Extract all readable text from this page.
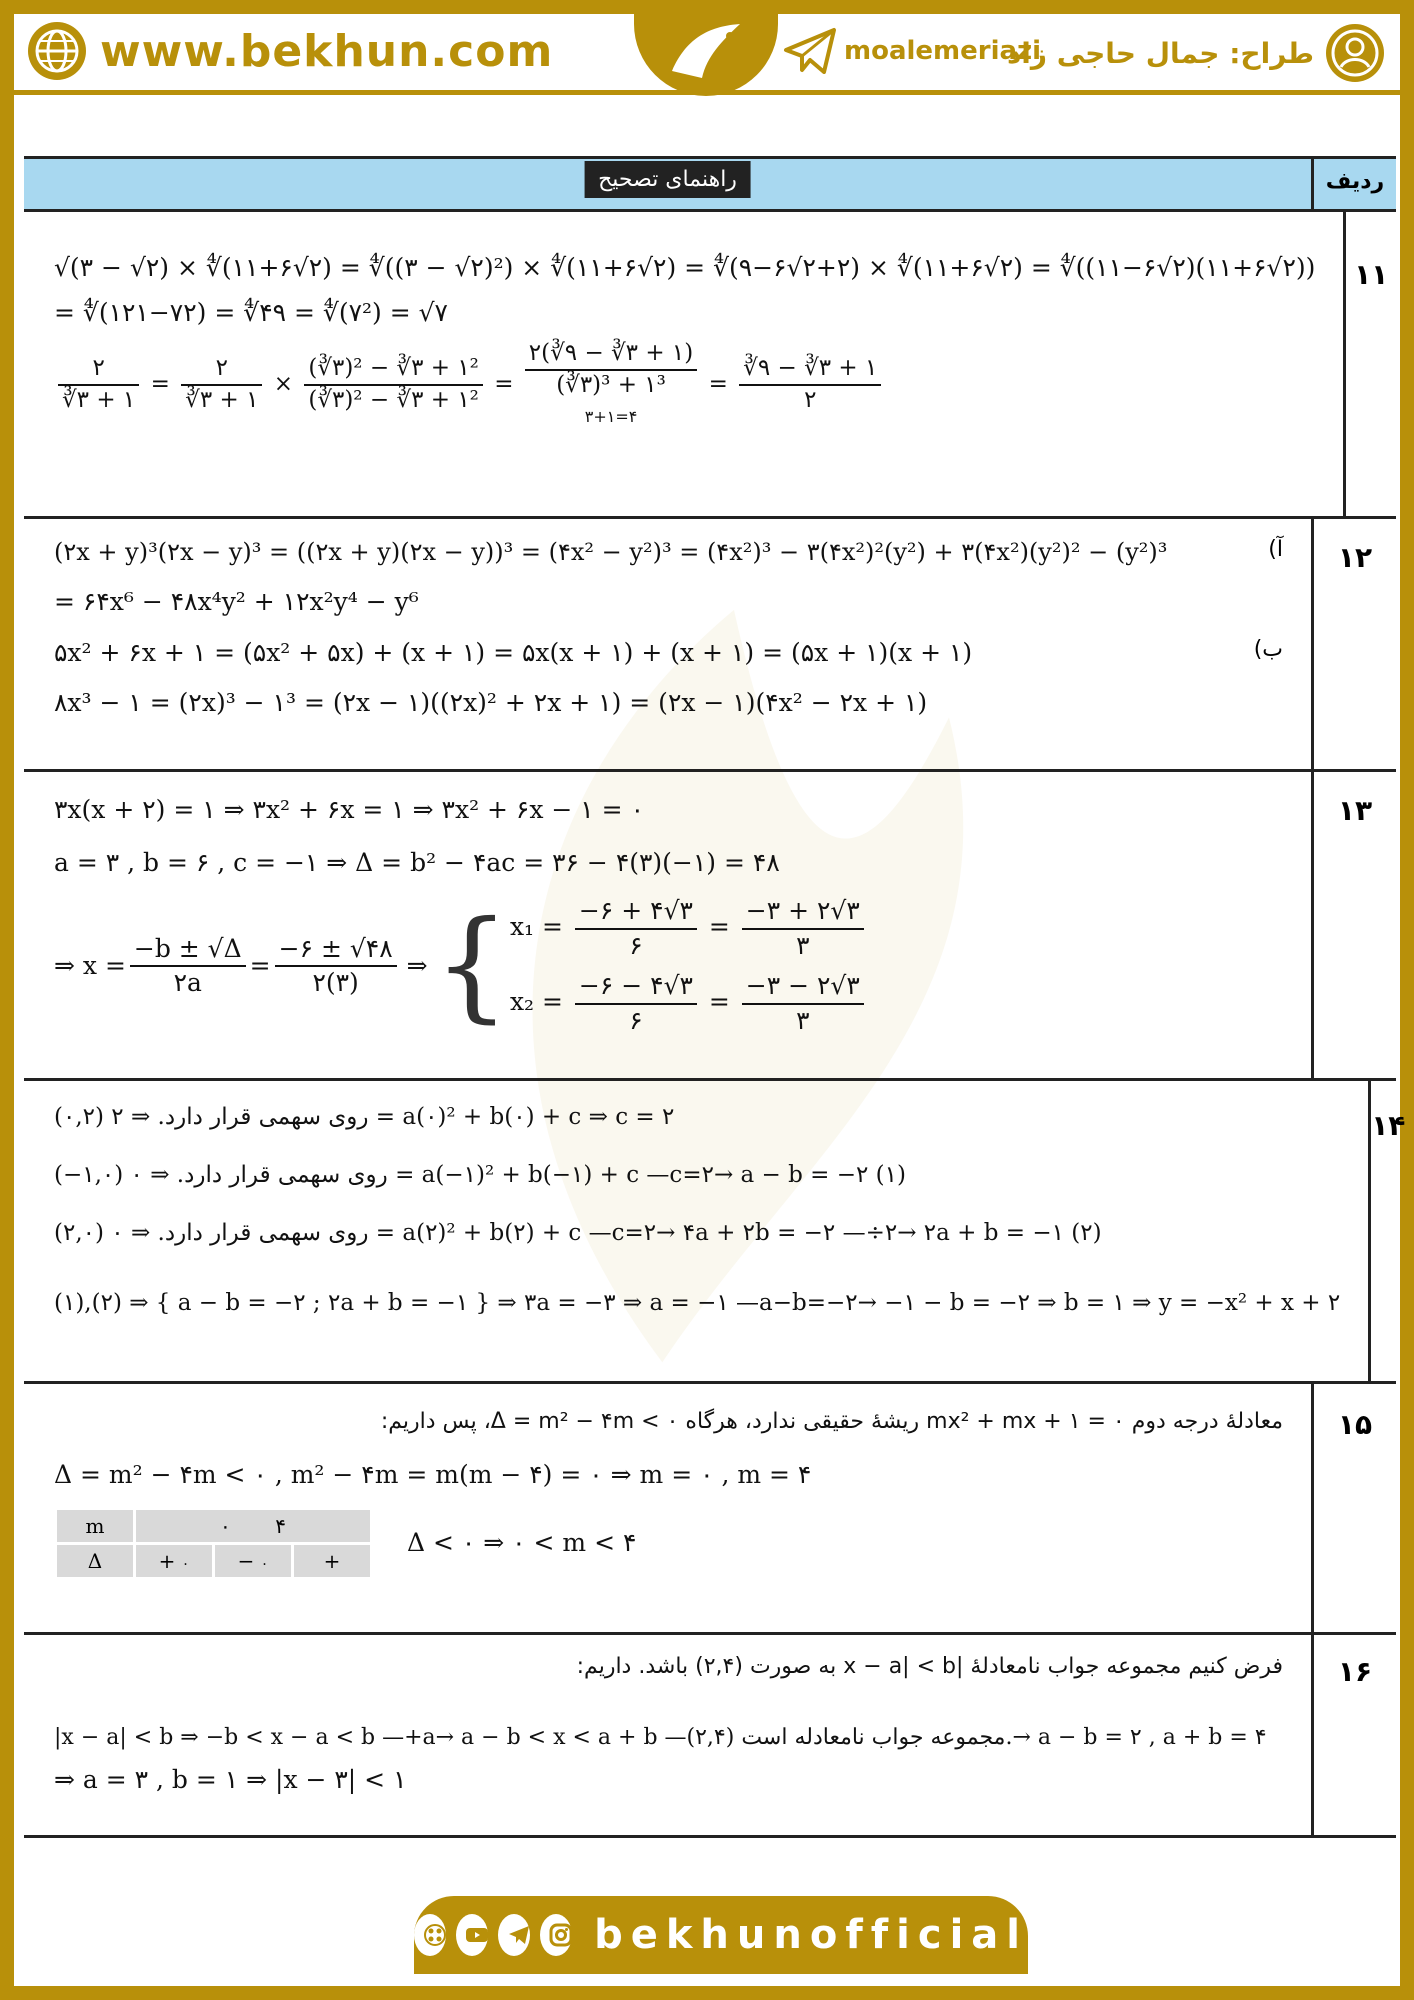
www.bekhun.com	moalemeriazi
طراح: جمال حاجی زاد
راهنمای تصحیح	ردیف
√(۳ − √۲) × ∜(۱۱+۶√۲) = ∜((۳ − √۲)²) × ∜(۱۱+۶√۲) = ∜(۹−۶√۲+۲) × ∜(۱۱+۶√۲) = ∜((۱۱−۶√۲)(۱۱+۶√۲))
= ∜(۱۲۱−۷۲) = ∜۴۹ = ∜(۷²) = √۷
$\frac{۲}{∛۳ + ۱} = \frac{۲}{∛۳ + ۱} \times \frac{\text{(∛۳)² − ∛۳ + ۱²}}{\text{(∛۳)² − ∛۳ + ۱²}}$ =
۲(∛۹ − ∛۳ + ۱)
(∛۳)³ + ۱³
۳+۱=۴
= $\frac{∛۹ - ∛۳ + ۱}{۲}$
۱۱
(۲x + y)³(۲x − y)³ = ((۲x + y)(۲x − y))³ = (۴x² − y²)³ = (۴x²)³ − ۳(۴x²)²(y²) + ۳(۴x²)(y²)² − (y²)³	آ)
= ۶۴x⁶ − ۴۸x⁴y² + ۱۲x²y⁴ − y⁶
۵x² + ۶x + ۱ = (۵x² + ۵x) + (x + ۱) = ۵x(x + ۱) + (x + ۱) = (۵x + ۱)(x + ۱)	ب)
۸x³ − ۱ = (۲x)³ − ۱³ = (۲x − ۱)((۲x)² + ۲x + ۱) = (۲x − ۱)(۴x² − ۲x + ۱)
۱۲
۳x(x + ۲) = ۱ ⇒ ۳x² + ۶x = ۱ ⇒ ۳x² + ۶x − ۱ = ۰
a = ۳ , b = ۶ , c = −۱ ⇒ Δ = b² − ۴ac = ۳۶ − ۴(۳)(−۱) = ۴۸
⇒ $x = \frac{-b \pm √\Delta}{۲a} = \frac{-۶ \pm √۴۸}{۲(۳)}$ ⇒ { $x_1 = \frac{-۶ + ۴√۳}{۶} = \frac{-۳ + ۲√۳}{۳}$
$x_2 = \frac{-۶ - ۴√۳}{۶} = \frac{-۳ - ۲√۳}{۳}$
۱۳
(۰,۲) روی سهمی قرار دارد. ⇒ ۲ = a(۰)² + b(۰) + c ⇒ c = ۲
(−۱,۰) روی سهمی قرار دارد. ⇒ ۰ = a(−۱)² + b(−۱) + c —c=۲→ a − b = −۲ (۱)
(۲,۰) روی سهمی قرار دارد. ⇒ ۰ = a(۲)² + b(۲) + c —c=۲→ ۴a + ۲b = −۲ —÷۲→ ۲a + b = −۱ (۲)
(۱),(۲) ⇒ { a − b = −۲ ; ۲a + b = −۱ } ⇒ ۳a = −۳ ⇒ a = −۱ —a−b=−۲→ −۱ − b = −۲ ⇒ b = ۱ ⇒ y = −x² + x + ۲
۱۴
معادلهٔ درجه دوم mx² + mx + ۱ = ۰ ریشهٔ حقیقی ندارد، هرگاه Δ = m² − ۴m < ۰، پس داریم:
Δ = m² − ۴m < ۰ , m² − ۴m = m(m − ۴) = ۰ ⇒ m = ۰ , m = ۴
m	۰ ۴		
Δ	+ ۰	− ۰	+
Δ < ۰ ⇒ ۰ < m < ۴
۱۵
فرض کنیم مجموعه جواب نامعادلهٔ |x − a| < b به صورت (۲,۴) باشد. داریم:
|x − a| < b ⇒ −b < x − a < b —+a→ a − b < x < a + b —(۲,۴) مجموعه جواب نامعادله است.→ a − b = ۲ , a + b = ۴
⇒ a = ۳ , b = ۱ ⇒ |x − ۳| < ۱
۱۶
bekhunofficial
